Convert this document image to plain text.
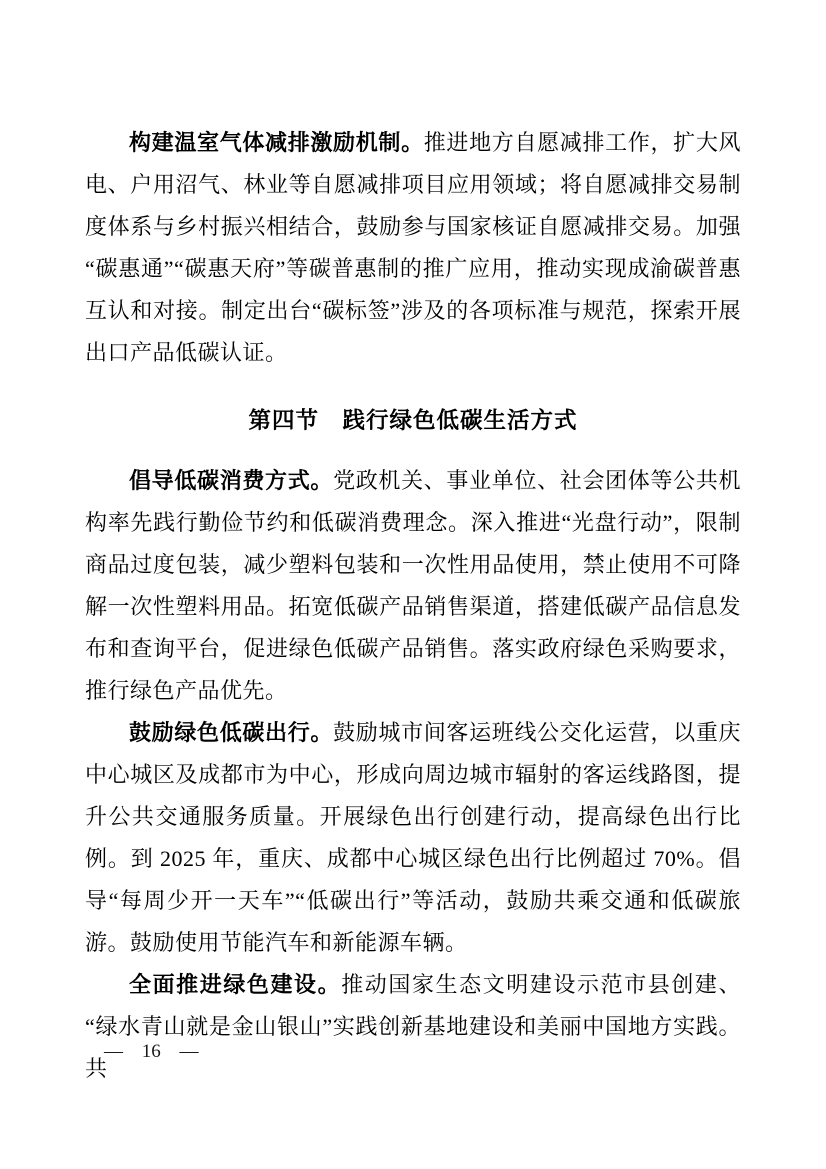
构建温室气体减排激励机制。推进地方自愿减排工作，扩大风电、户用沼气、林业等自愿减排项目应用领域；将自愿减排交易制度体系与乡村振兴相结合，鼓励参与国家核证自愿减排交易。加强“碳惠通”“碳惠天府”等碳普惠制的推广应用，推动实现成渝碳普惠互认和对接。制定出台“碳标签”涉及的各项标准与规范，探索开展出口产品低碳认证。

第四节　践行绿色低碳生活方式

倡导低碳消费方式。党政机关、事业单位、社会团体等公共机构率先践行勤俭节约和低碳消费理念。深入推进“光盘行动”，限制商品过度包装，减少塑料包装和一次性用品使用，禁止使用不可降解一次性塑料用品。拓宽低碳产品销售渠道，搭建低碳产品信息发布和查询平台，促进绿色低碳产品销售。落实政府绿色采购要求，推行绿色产品优先。

鼓励绿色低碳出行。鼓励城市间客运班线公交化运营，以重庆中心城区及成都市为中心，形成向周边城市辐射的客运线路图，提升公共交通服务质量。开展绿色出行创建行动，提高绿色出行比例。到 2025 年，重庆、成都中心城区绿色出行比例超过 70%。倡导“每周少开一天车”“低碳出行”等活动，鼓励共乘交通和低碳旅游。鼓励使用节能汽车和新能源车辆。

全面推进绿色建设。推动国家生态文明建设示范市县创建、“绿水青山就是金山银山”实践创新基地建设和美丽中国地方实践。共

— 16 —
